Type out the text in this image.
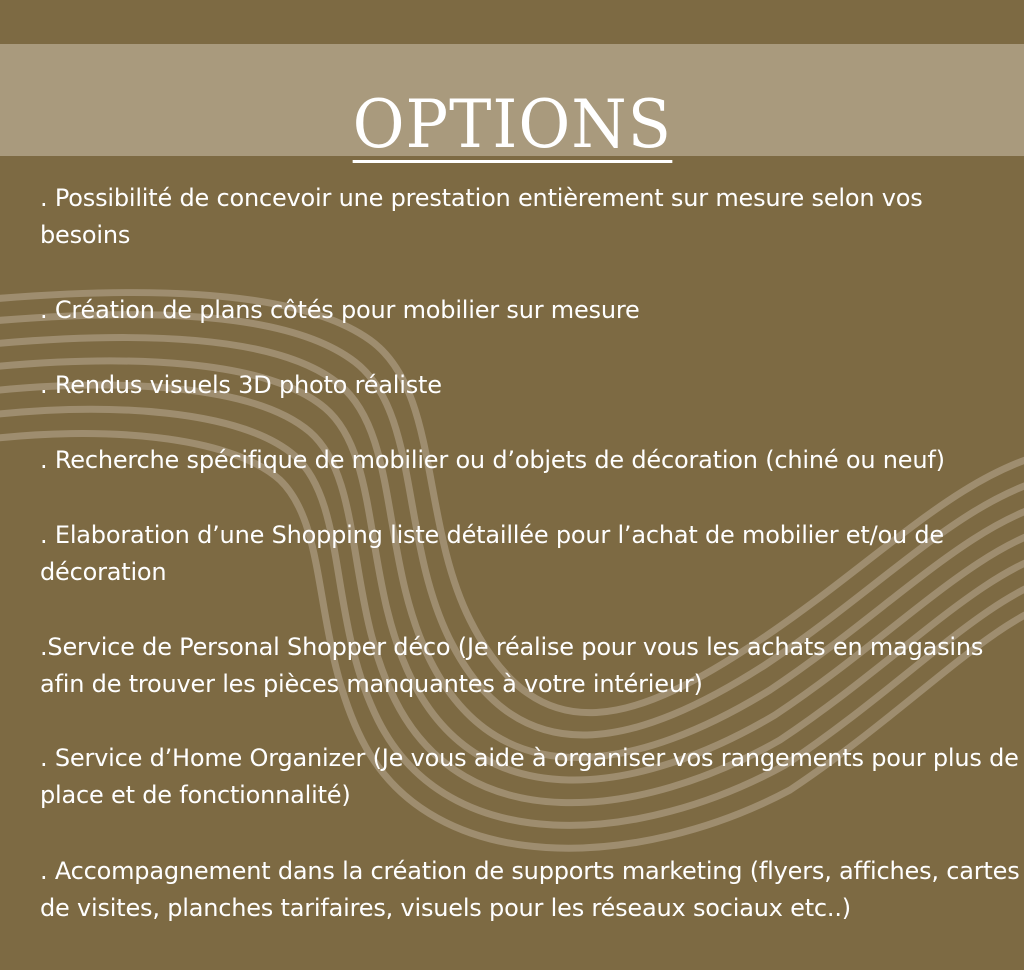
OPTIONS
. Possibilité de concevoir une prestation entièrement sur mesure selon vos besoins
. Création de plans côtés pour mobilier sur mesure
. Rendus visuels 3D photo réaliste
. Recherche spécifique de mobilier ou d’objets de décoration (chiné ou neuf)
. Elaboration d’une Shopping liste détaillée pour l’achat de mobilier et/ou de décoration
.Service de Personal Shopper déco (Je réalise pour vous les achats en magasins afin de trouver les pièces manquantes à votre intérieur)
. Service d’Home Organizer (Je vous aide à organiser vos rangements pour plus de place et de fonctionnalité)
. Accompagnement dans la création de supports marketing (flyers, affiches, cartes de visites, planches tarifaires, visuels pour les réseaux sociaux etc..)
